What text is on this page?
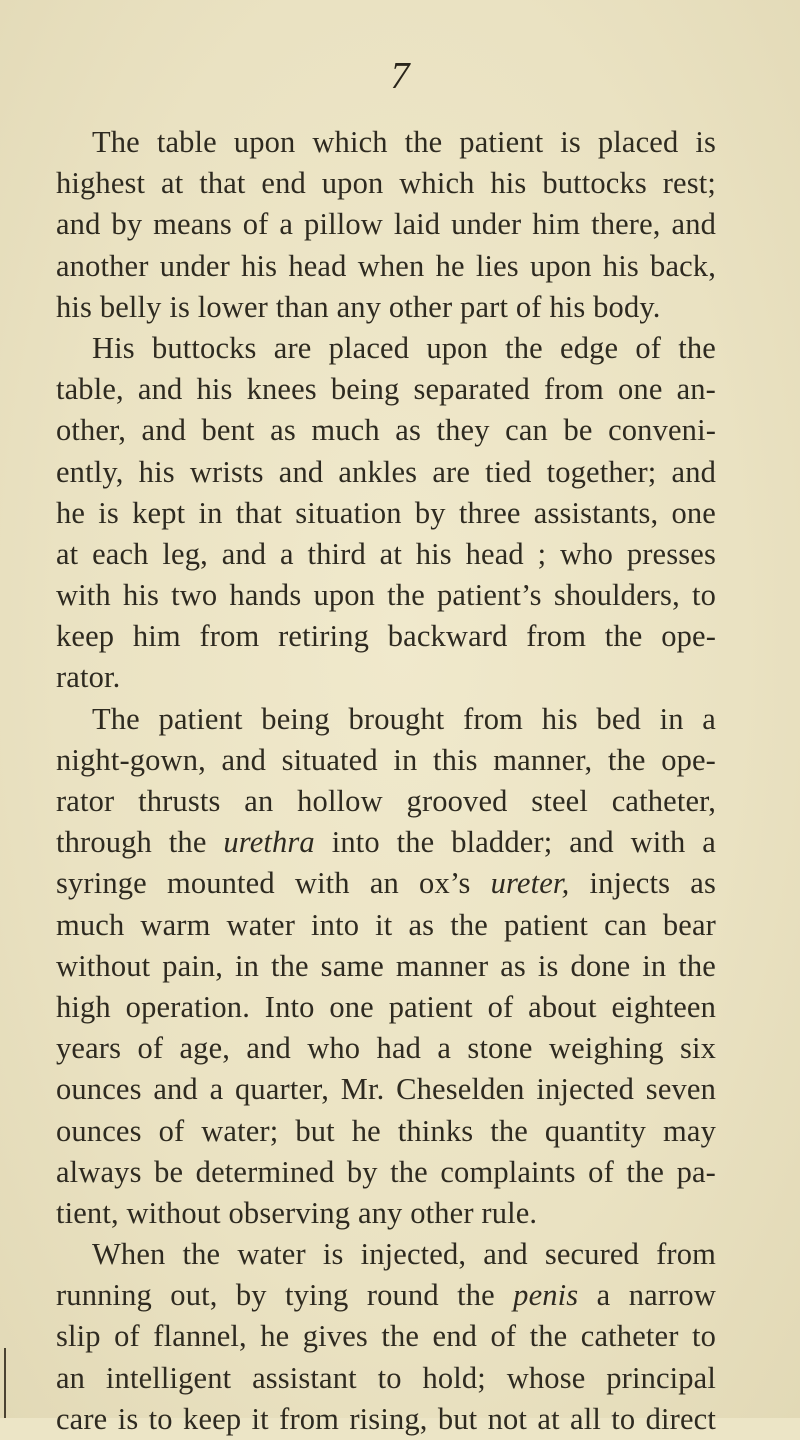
7
The table upon which the patient is placed is
highest at that end upon which his buttocks rest;
and by means of a pillow laid under him there, and
another under his head when he lies upon his back,
his belly is lower than any other part of his body.
His buttocks are placed upon the edge of the
table, and his knees being separated from one an-
other, and bent as much as they can be conveni-
ently, his wrists and ankles are tied together; and
he is kept in that situation by three assistants, one
at each leg, and a third at his head ; who presses
with his two hands upon the patient’s shoulders, to
keep him from retiring backward from the ope-
rator.
The patient being brought from his bed in a
night-gown, and situated in this manner, the ope-
rator thrusts an hollow grooved steel catheter,
through the urethra into the bladder; and with a
syringe mounted with an ox’s ureter, injects as
much warm water into it as the patient can bear
without pain, in the same manner as is done in the
high operation. Into one patient of about eighteen
years of age, and who had a stone weighing six
ounces and a quarter, Mr. Cheselden injected seven
ounces of water; but he thinks the quantity may
always be determined by the complaints of the pa-
tient, without observing any other rule.
When the water is injected, and secured from
running out, by tying round the penis a narrow
slip of flannel, he gives the end of the catheter to
an intelligent assistant to hold; whose principal
care is to keep it from rising, but not at all to direct
